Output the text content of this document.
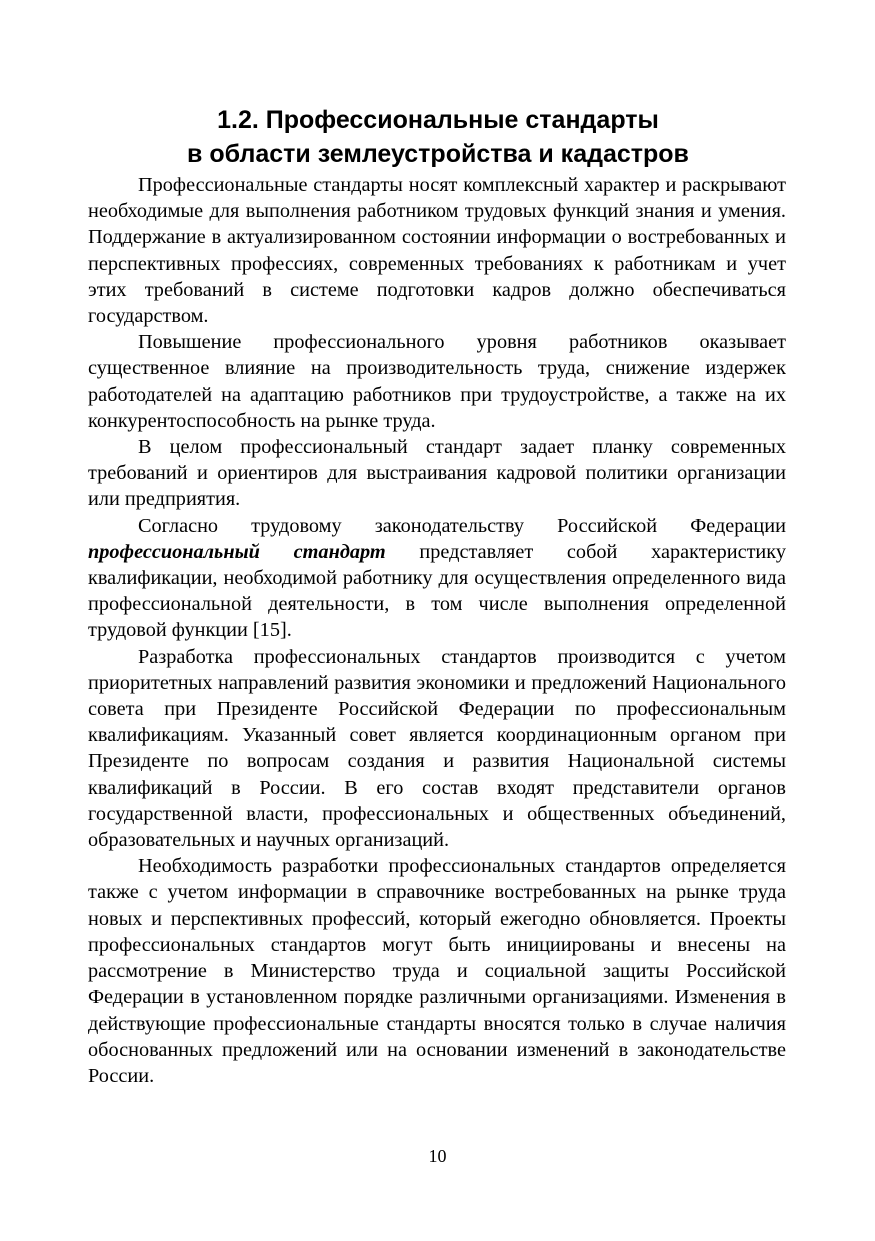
1.2. Профессиональные стандарты
в области землеустройства и кадастров

Профессиональные стандарты носят комплексный характер и раскрывают необходимые для выполнения работником трудовых функций знания и умения. Поддержание в актуализированном состоянии информации о востребованных и перспективных профессиях, современных требованиях к работникам и учет этих требований в системе подготовки кадров должно обеспечиваться государством.

Повышение профессионального уровня работников оказывает существенное влияние на производительность труда, снижение издержек работодателей на адаптацию работников при трудоустройстве, а также на их конкурентоспособность на рынке труда.

В целом профессиональный стандарт задает планку современных требований и ориентиров для выстраивания кадровой политики организации или предприятия.

Согласно трудовому законодательству Российской Федерации профессиональный стандарт представляет собой характеристику квалификации, необходимой работнику для осуществления определенного вида профессиональной деятельности, в том числе выполнения определенной трудовой функции [15].

Разработка профессиональных стандартов производится с учетом приоритетных направлений развития экономики и предложений Национального совета при Президенте Российской Федерации по профессиональным квалификациям. Указанный совет является координационным органом при Президенте по вопросам создания и развития Национальной системы квалификаций в России. В его состав входят представители органов государственной власти, профессиональных и общественных объединений, образовательных и научных организаций.

Необходимость разработки профессиональных стандартов определяется также с учетом информации в справочнике востребованных на рынке труда новых и перспективных профессий, который ежегодно обновляется. Проекты профессиональных стандартов могут быть инициированы и внесены на рассмотрение в Министерство труда и социальной защиты Российской Федерации в установленном порядке различными организациями. Изменения в действующие профессиональные стандарты вносятся только в случае наличия обоснованных предложений или на основании изменений в законодательстве России.

10
